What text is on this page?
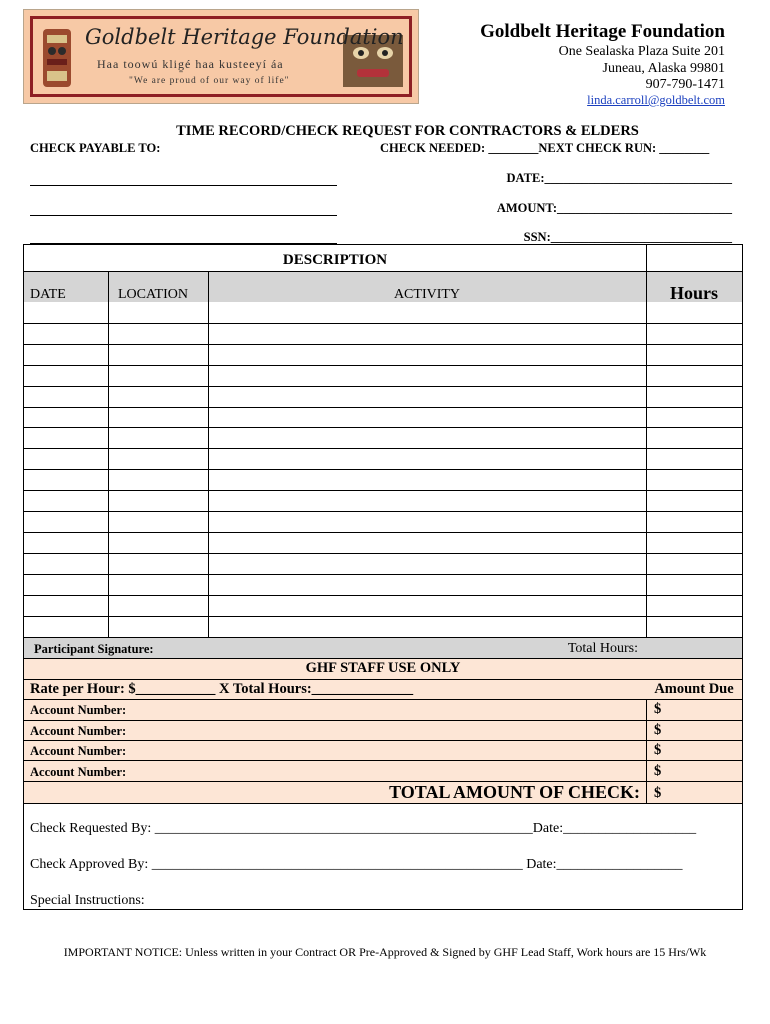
Goldbelt Heritage Foundation
Haa toowú klig̱é haa kusteeyí áa
"We are proud of our way of life"
Goldbelt Heritage Foundation
One Sealaska Plaza Suite 201
Juneau, Alaska 99801
907-790-1471
linda.carroll@goldbelt.com
TIME RECORD/CHECK REQUEST FOR CONTRACTORS & ELDERS
CHECK PAYABLE TO:	CHECK NEEDED: ________NEXT CHECK RUN: ________
DATE:______________________________
AMOUNT:____________________________
SSN:_____________________________
DESCRIPTION
DATE	LOCATION	ACTIVITY	Hours
Participant Signature:	Total Hours:
GHF STAFF USE ONLY
Rate per Hour: $___________ X Total Hours:______________	Amount Due
Account Number:	$
Account Number:	$
Account Number:	$
Account Number:	$
TOTAL AMOUNT OF CHECK: $
Check Requested By: ______________________________________________________Date:___________________
Check Approved By: _____________________________________________________ Date:__________________
Special Instructions:
IMPORTANT NOTICE: Unless written in your Contract OR Pre-Approved & Signed by GHF Lead Staff, Work hours are 15 Hrs/Wk
